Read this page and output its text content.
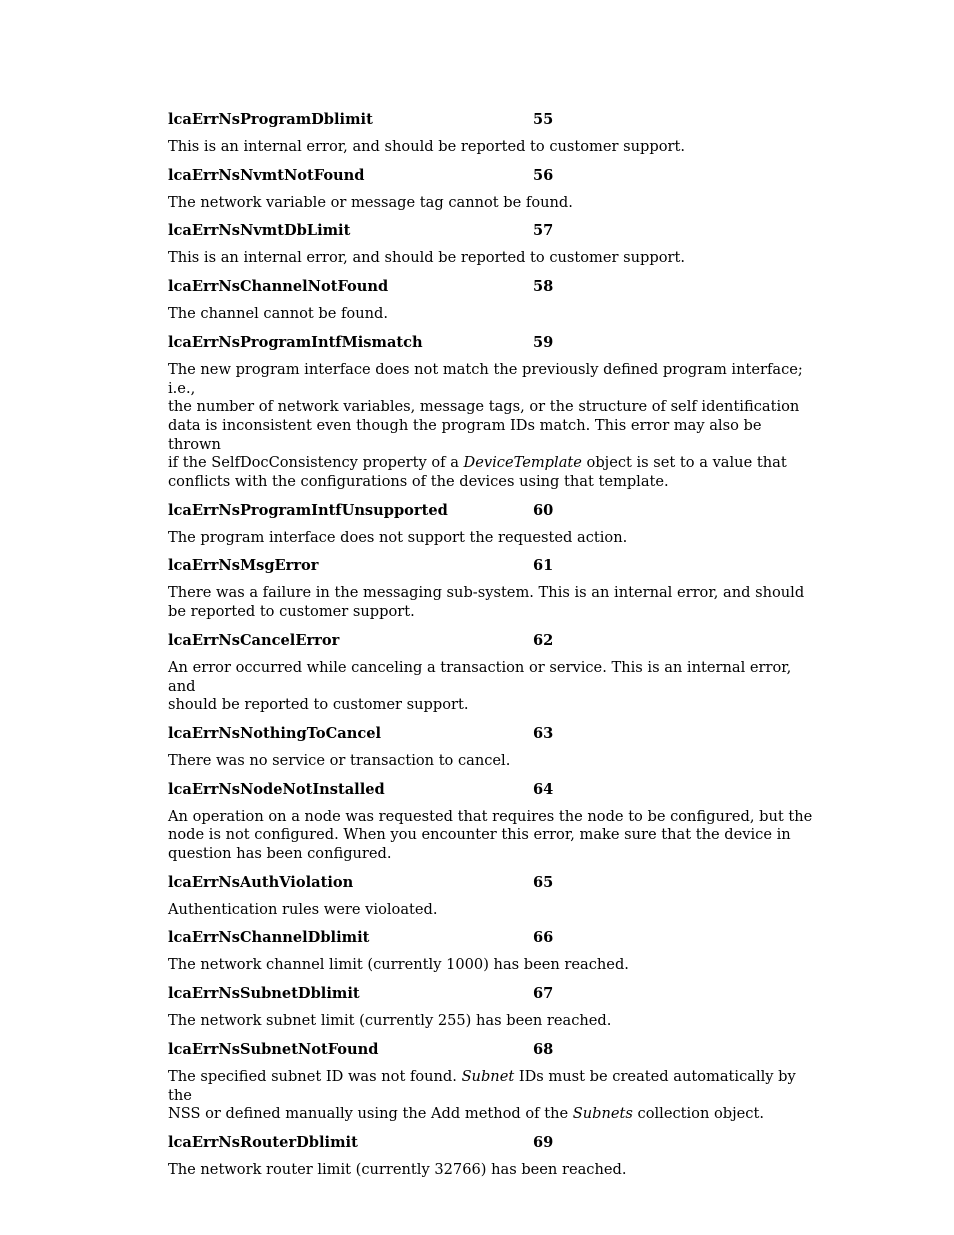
lcaErrNsProgramDblimit	55

This is an internal error, and should be reported to customer support.

lcaErrNsNvmtNotFound	56

The network variable or message tag cannot be found.

lcaErrNsNvmtDbLimit	57

This is an internal error, and should be reported to customer support.

lcaErrNsChannelNotFound	58

The channel cannot be found.

lcaErrNsProgramIntfMismatch	59

The new program interface does not match the previously defined program interface; i.e.,
the number of network variables, message tags, or the structure of self identification
data is inconsistent even though the program IDs match. This error may also be thrown
if the SelfDocConsistency property of a DeviceTemplate object is set to a value that
conflicts with the configurations of the devices using that template.

lcaErrNsProgramIntfUnsupported	60

The program interface does not support the requested action.

lcaErrNsMsgError	61

There was a failure in the messaging sub-system. This is an internal error, and should
be reported to customer support.

lcaErrNsCancelError	62

An error occurred while canceling a transaction or service. This is an internal error, and
should be reported to customer support.

lcaErrNsNothingToCancel	63

There was no service or transaction to cancel.

lcaErrNsNodeNotInstalled	64

An operation on a node was requested that requires the node to be configured, but the
node is not configured. When you encounter this error, make sure that the device in
question has been configured.

lcaErrNsAuthViolation	65

Authentication rules were violoated.

lcaErrNsChannelDblimit	66

The network channel limit (currently 1000) has been reached.

lcaErrNsSubnetDblimit	67

The network subnet limit (currently 255) has been reached.

lcaErrNsSubnetNotFound	68

The specified subnet ID was not found. Subnet IDs must be created automatically by the
NSS or defined manually using the Add method of the Subnets collection object.

lcaErrNsRouterDblimit	69

The network router limit (currently 32766) has been reached.
